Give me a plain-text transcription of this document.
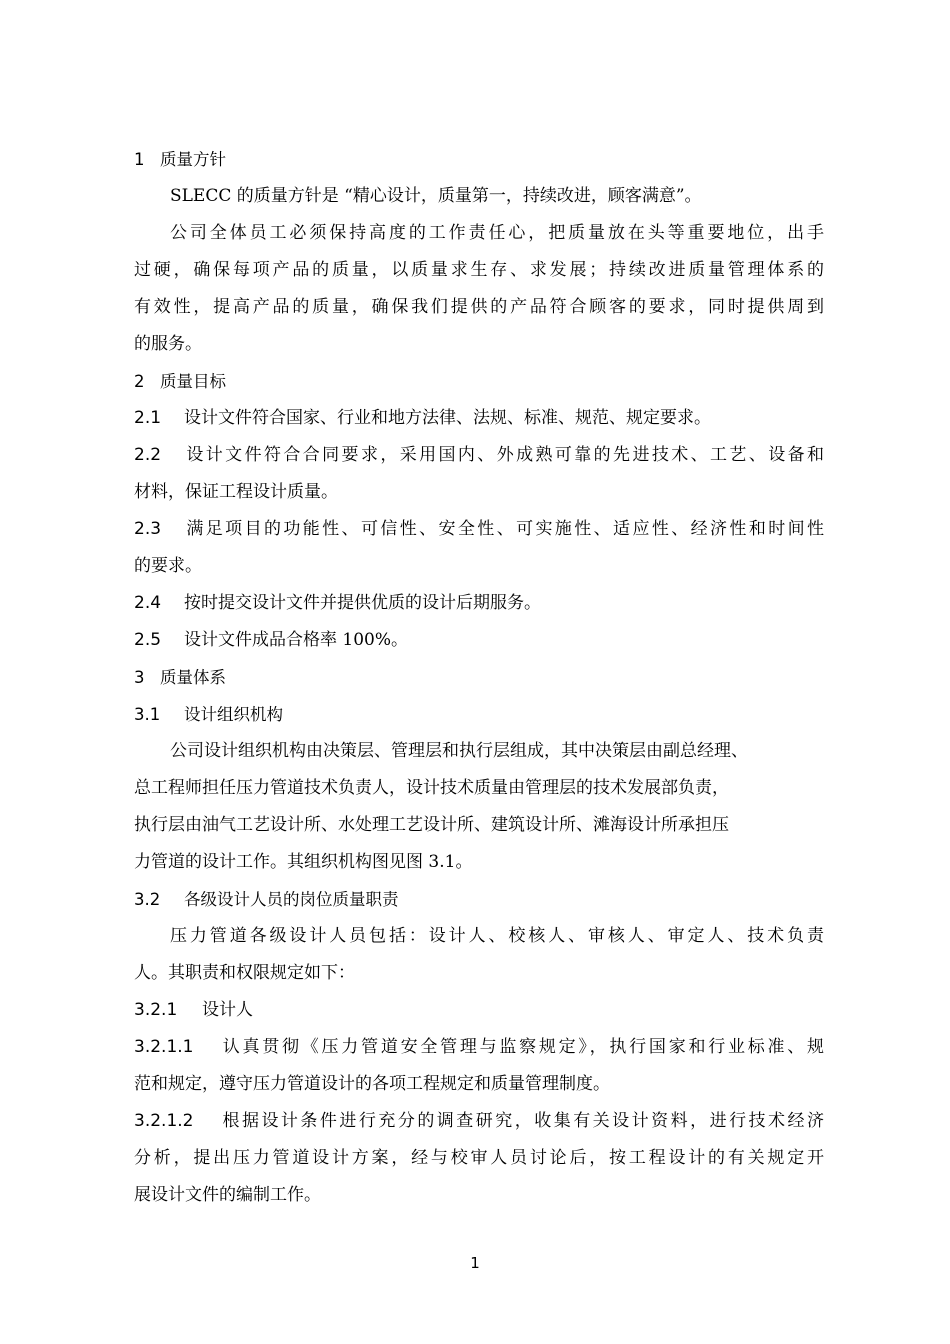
1 质量方针
SLECC 的质量方针是 “精心设计，质量第一，持续改进，顾客满意”。
公司全体员工必须保持高度的工作责任心，把质量放在头等重要地位，出手
过硬，确保每项产品的质量，以质量求生存、求发展；持续改进质量管理体系的
有效性，提高产品的质量，确保我们提供的产品符合顾客的要求，同时提供周到
的服务。
2 质量目标
2.1 设计文件符合国家、行业和地方法律、法规、标准、规范、规定要求。
2.2 设计文件符合合同要求，采用国内、外成熟可靠的先进技术、工艺、设备和
材料，保证工程设计质量。
2.3 满足项目的功能性、可信性、安全性、可实施性、适应性、经济性和时间性
的要求。
2.4 按时提交设计文件并提供优质的设计后期服务。
2.5 设计文件成品合格率 100%。
3 质量体系
3.1 设计组织机构
公司设计组织机构由决策层、管理层和执行层组成，其中决策层由副总经理、
总工程师担任压力管道技术负责人，设计技术质量由管理层的技术发展部负责，
执行层由油气工艺设计所、水处理工艺设计所、建筑设计所、滩海设计所承担压
力管道的设计工作。其组织机构图见图 3.1。
3.2 各级设计人员的岗位质量职责
压力管道各级设计人员包括：设计人、校核人、审核人、审定人、技术负责
人。其职责和权限规定如下：
3.2.1 设计人
3.2.1.1 认真贯彻《压力管道安全管理与监察规定》，执行国家和行业标准、规
范和规定，遵守压力管道设计的各项工程规定和质量管理制度。
3.2.1.2 根据设计条件进行充分的调查研究，收集有关设计资料，进行技术经济
分析，提出压力管道设计方案，经与校审人员讨论后，按工程设计的有关规定开
展设计文件的编制工作。
1
